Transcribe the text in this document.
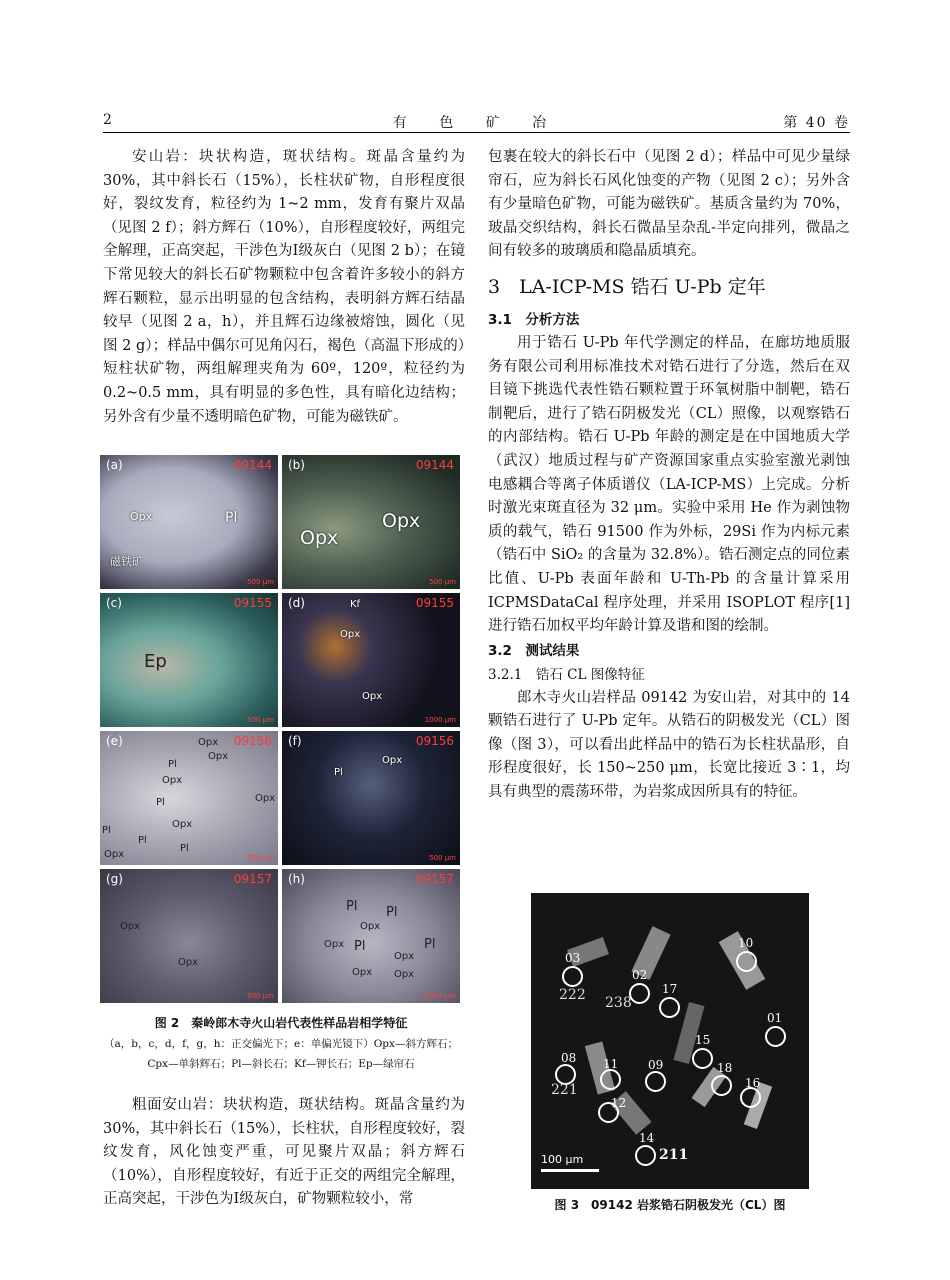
2	有 色 矿 冶	第 40 卷

安山岩：块状构造，斑状结构。斑晶含量约为30%，其中斜长石（15%），长柱状矿物，自形程度很好，裂纹发育，粒径约为 1~2 mm，发育有聚片双晶（见图 2 f）；斜方辉石（10%），自形程度较好，两组完全解理，正高突起，干涉色为Ⅰ级灰白（见图 2 b）；在镜下常见较大的斜长石矿物颗粒中包含着许多较小的斜方辉石颗粒，显示出明显的包含结构，表明斜方辉石结晶较早（见图 2 a，h），并且辉石边缘被熔蚀，圆化（见图 2 g）；样品中偶尔可见角闪石，褐色（高温下形成的）短柱状矿物，两组解理夹角为 60º，120º，粒径约为 0.2~0.5 mm，具有明显的多色性，具有暗化边结构；另外含有少量不透明暗色矿物，可能为磁铁矿。

(a)	09144
Opx	Pl
磁铁矿
500 μm
(b)	09144
Opx
Opx
500 μm
(c)	09155
Ep
500 μm
(d)	09155
Kf
Opx
Opx
1000 μm
(e)	09156
Opx
Opx
Pl
Opx
Opx
Pl
Opx
Pl
Pl
Opx
Pl
500 μm
(f)	09156
Opx
Pl
500 μm
(g)	09157
Opx
Opx
500 μm
(h)	09157
Pl Pl
Opx
Opx Pl	Pl
Opx
Opx Opx
1000 μm
图 2　秦岭郎木寺火山岩代表性样品岩相学特征
（a，b，c，d，f，g，h：正交偏光下；e：单偏光镜下）Opx—斜方辉石；
Cpx—单斜辉石；Pl—斜长石；Kf—钾长石；Ep—绿帘石

粗面安山岩：块状构造，斑状结构。斑晶含量约为 30%，其中斜长石（15%），长柱状，自形程度较好，裂纹发育，风化蚀变严重，可见聚片双晶；斜方辉石（10%），自形程度较好，有近于正交的两组完全解理，正高突起，干涉色为Ⅰ级灰白，矿物颗粒较小，常

包裹在较大的斜长石中（见图 2 d）；样品中可见少量绿帘石，应为斜长石风化蚀变的产物（见图 2 c）；另外含有少量暗色矿物，可能为磁铁矿。基质含量约为 70%，玻晶交织结构，斜长石微晶呈杂乱-半定向排列，微晶之间有较多的玻璃质和隐晶质填充。

3　LA-ICP-MS 锆石 U-Pb 定年
3.1　分析方法

用于锆石 U-Pb 年代学测定的样品，在廊坊地质服务有限公司利用标准技术对锆石进行了分选，然后在双目镜下挑选代表性锆石颗粒置于环氧树脂中制靶，锆石制靶后，进行了锆石阴极发光（CL）照像，以观察锆石的内部结构。锆石 U-Pb 年龄的测定是在中国地质大学（武汉）地质过程与矿产资源国家重点实验室激光剥蚀电感耦合等离子体质谱仪（LA-ICP-MS）上完成。分析时激光束斑直径为 32 μm。实验中采用 He 作为剥蚀物质的载气，锆石 91500 作为外标，29Si 作为内标元素（锆石中 SiO₂ 的含量为 32.8%）。锆石测定点的同位素比值、U-Pb 表面年龄和 U-Th-Pb 的含量计算采用 ICPMSDataCal 程序处理，并采用 ISOPLOT 程序[1]进行锆石加权平均年龄计算及谐和图的绘制。

3.2　测试结果
3.2.1　锆石 CL 图像特征

郎木寺火山岩样品 09142 为安山岩，对其中的 14 颗锆石进行了 U-Pb 定年。从锆石的阴极发光（CL）图像（图 3），可以看出此样品中的锆石为长柱状晶形，自形程度很好，长 150~250 μm，长宽比接近 3∶1，均具有典型的震荡环带，为岩浆成因所具有的特征。

03
02
17
10
01
15
08 11 09	18
16
12
14
222 238
221
211
100 μm
图 3　09142 岩浆锆石阴极发光（CL）图
